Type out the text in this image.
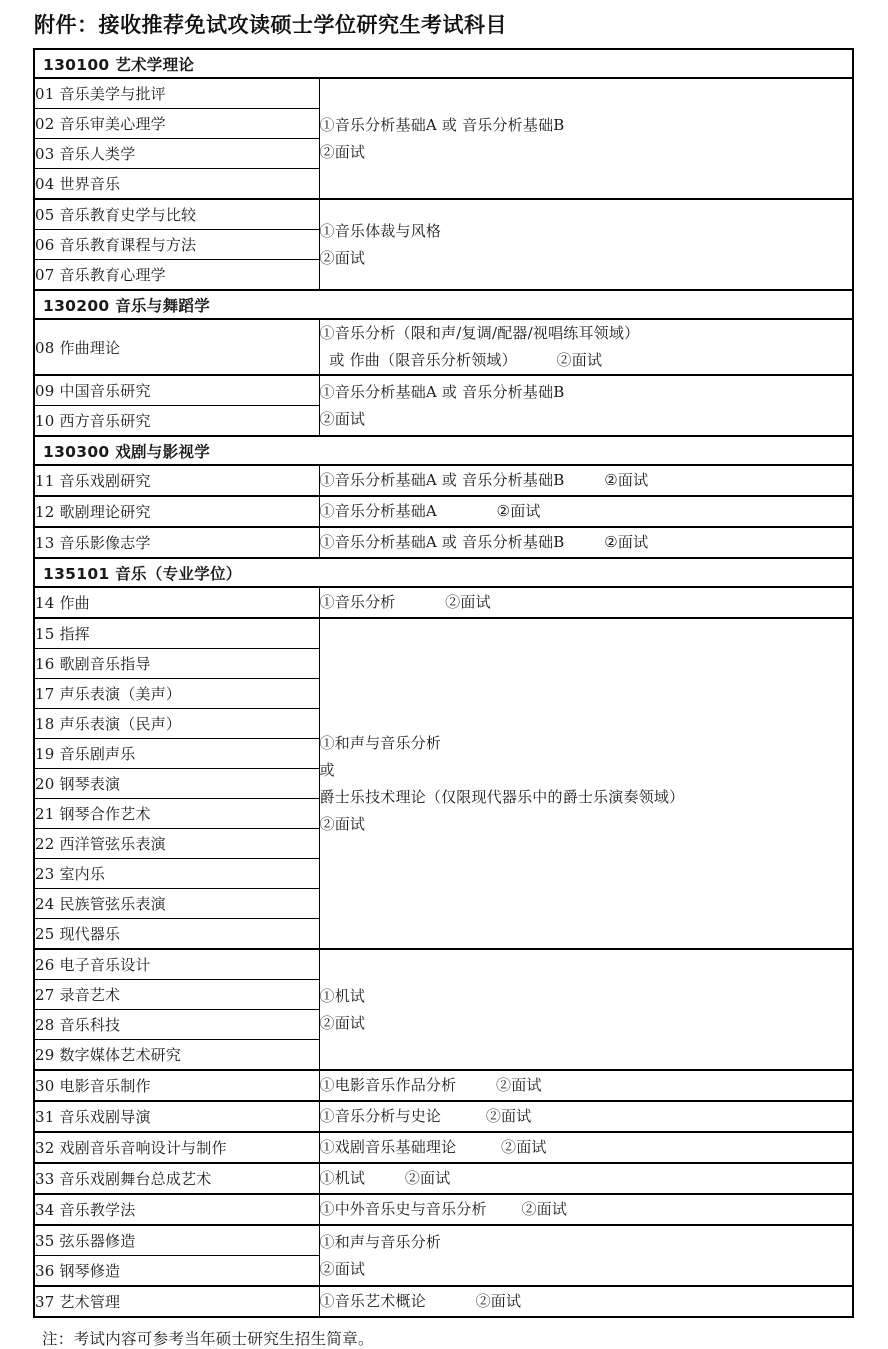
附件：接收推荐免试攻读硕士学位研究生考试科目
130100 艺术学理论	
01 音乐美学与批评	①音乐分析基础A 或 音乐分析基础B
②面试

02 音乐审美心理学	
03 音乐人类学	
04 世界音乐	
05 音乐教育史学与比较	①音乐体裁与风格
②面试

06 音乐教育课程与方法	
07 音乐教育心理学	
130200 音乐与舞蹈学	
08 作曲理论	①音乐分析（限和声/复调/配器/视唱练耳领域）
或 作曲（限音乐分析领域）        ②面试

09 中国音乐研究	①音乐分析基础A 或 音乐分析基础B
②面试

10 西方音乐研究	
130300 戏剧与影视学	
11 音乐戏剧研究	①音乐分析基础A 或 音乐分析基础B        ②面试

12 歌剧理论研究	①音乐分析基础A            ②面试

13 音乐影像志学	①音乐分析基础A 或 音乐分析基础B        ②面试

135101 音乐（专业学位）	
14 作曲	①音乐分析          ②面试

15 指挥	①和声与音乐分析
或
爵士乐技术理论（仅限现代器乐中的爵士乐演奏领域）
②面试

16 歌剧音乐指导	
17 声乐表演（美声）	
18 声乐表演（民声）	
19 音乐剧声乐	
20 钢琴表演	
21 钢琴合作艺术	
22 西洋管弦乐表演	
23 室内乐	
24 民族管弦乐表演	
25 现代器乐	
26 电子音乐设计	①机试
②面试

27 录音艺术	
28 音乐科技	
29 数字媒体艺术研究	
30 电影音乐制作	①电影音乐作品分析        ②面试

31 音乐戏剧导演	①音乐分析与史论         ②面试

32 戏剧音乐音响设计与制作	①戏剧音乐基础理论         ②面试

33 音乐戏剧舞台总成艺术	①机试        ②面试

34 音乐教学法	①中外音乐史与音乐分析       ②面试

35 弦乐器修造	①和声与音乐分析
②面试

36 钢琴修造	
37 艺术管理	①音乐艺术概论          ②面试
注：考试内容可参考当年硕士研究生招生简章。
